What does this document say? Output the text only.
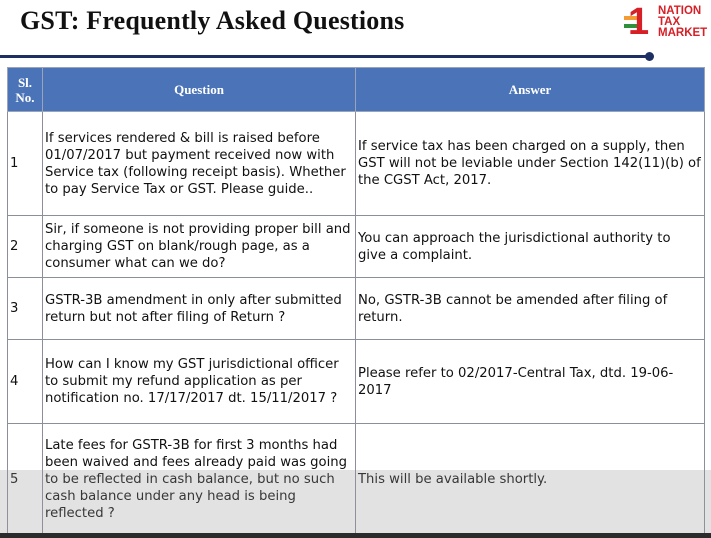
GST: Frequently Asked Questions	1 NATION
TAX
MARKET
Sl.
No.	Question	Answer
1	If services rendered & bill is raised before 01/07/2017 but payment received now with Service tax (following receipt basis). Whether to pay Service Tax or GST. Please guide..	If service tax has been charged on a supply, then GST will not be leviable under Section 142(11)(b) of the CGST Act, 2017.
2	Sir, if someone is not providing proper bill and charging GST on blank/rough page, as a consumer what can we do?	You can approach the jurisdictional authority to give a complaint.
3	GSTR-3B amendment in only after submitted return but not after filing of Return ?	No, GSTR-3B cannot be amended after filing of return.
4	How can I know my GST jurisdictional officer to submit my refund application as per notification no. 17/17/2017 dt. 15/11/2017 ?	Please refer to 02/2017-Central Tax, dtd. 19-06-2017
5	Late fees for GSTR-3B for first 3 months had been waived and fees already paid was going to be reflected in cash balance, but no such cash balance under any head is being reflected ?	This will be available shortly.
